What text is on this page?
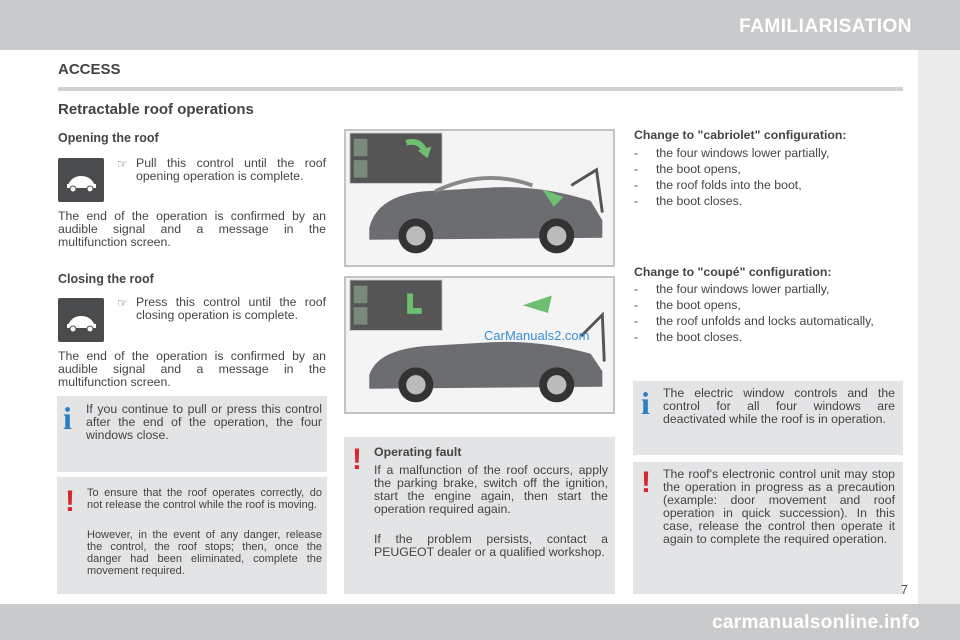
FAMILIARISATION
ACCESS
Retractable roof operations
Opening the roof
☞ Pull this control until the roof opening operation is complete.
The end of the operation is confirmed by an audible signal and a message in the multifunction screen.
Closing the roof
☞ Press this control until the roof closing operation is complete.
The end of the operation is confirmed by an audible signal and a message in the multifunction screen.
i If you continue to pull or press this control after the end of the operation, the four windows close.
! To ensure that the roof operates correctly, do not release the control while the roof is moving.
However, in the event of any danger, release the control, the roof stops; then, once the danger had been eliminated, complete the movement required.
CarManuals2.com
! Operating fault
If a malfunction of the roof occurs, apply the parking brake, switch off the ignition, start the engine again, then start the operation required again.
If the problem persists, contact a PEUGEOT dealer or a qualified workshop.
Change to "cabriolet" configuration:
- the four windows lower partially,
- the boot opens,
- the roof folds into the boot,
- the boot closes.
Change to "coupé" configuration:
- the four windows lower partially,
- the boot opens,
- the roof unfolds and locks automatically,
- the boot closes.
i The electric window controls and the control for all four windows are deactivated while the roof is in operation.
! The roof's electronic control unit may stop the operation in progress as a precaution (example: door movement and roof operation in quick succession). In this case, release the control then operate it again to complete the required operation.
7
carmanualsonline.info
